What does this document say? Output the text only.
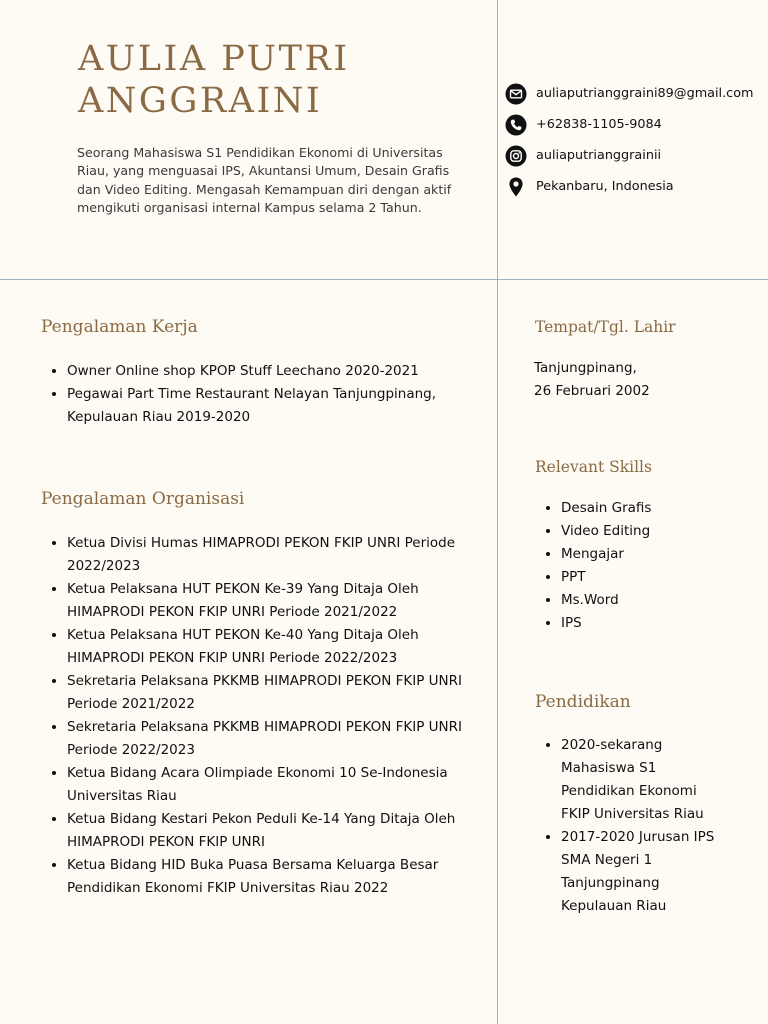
AULIA PUTRI
ANGGRAINI

Seorang Mahasiswa S1 Pendidikan Ekonomi di Universitas Riau, yang menguasai IPS, Akuntansi Umum, Desain Grafis dan Video Editing. Mengasah Kemampuan diri dengan aktif mengikuti organisasi internal Kampus selama 2 Tahun.

auliaputrianggraini89@gmail.com
+62838-1105-9084
auliaputrianggrainii
Pekanbaru, Indonesia
Pengalaman Kerja
• Owner Online shop KPOP Stuff Leechano 2020-2021
• Pegawai Part Time Restaurant Nelayan Tanjungpinang, Kepulauan Riau 2019-2020
Pengalaman Organisasi
• Ketua Divisi Humas HIMAPRODI PEKON FKIP UNRI Periode 2022/2023
• Ketua Pelaksana HUT PEKON Ke-39 Yang Ditaja Oleh HIMAPRODI PEKON FKIP UNRI Periode 2021/2022
• Ketua Pelaksana HUT PEKON Ke-40 Yang Ditaja Oleh HIMAPRODI PEKON FKIP UNRI Periode 2022/2023
• Sekretaria Pelaksana PKKMB HIMAPRODI PEKON FKIP UNRI Periode 2021/2022
• Sekretaria Pelaksana PKKMB HIMAPRODI PEKON FKIP UNRI Periode 2022/2023
• Ketua Bidang Acara Olimpiade Ekonomi 10 Se-Indonesia Universitas Riau
• Ketua Bidang Kestari Pekon Peduli Ke-14 Yang Ditaja Oleh HIMAPRODI PEKON FKIP UNRI
• Ketua Bidang HID Buka Puasa Bersama Keluarga Besar Pendidikan Ekonomi FKIP Universitas Riau 2022
Tempat/Tgl. Lahir

Tanjungpinang,
26 Februari 2002

Relevant Skills
• Desain Grafis
• Video Editing
• Mengajar
• PPT
• Ms.Word
• IPS
Pendidikan
• 2020-sekarang Mahasiswa S1 Pendidikan Ekonomi FKIP Universitas Riau
• 2017-2020 Jurusan IPS SMA Negeri 1 Tanjungpinang Kepulauan Riau
